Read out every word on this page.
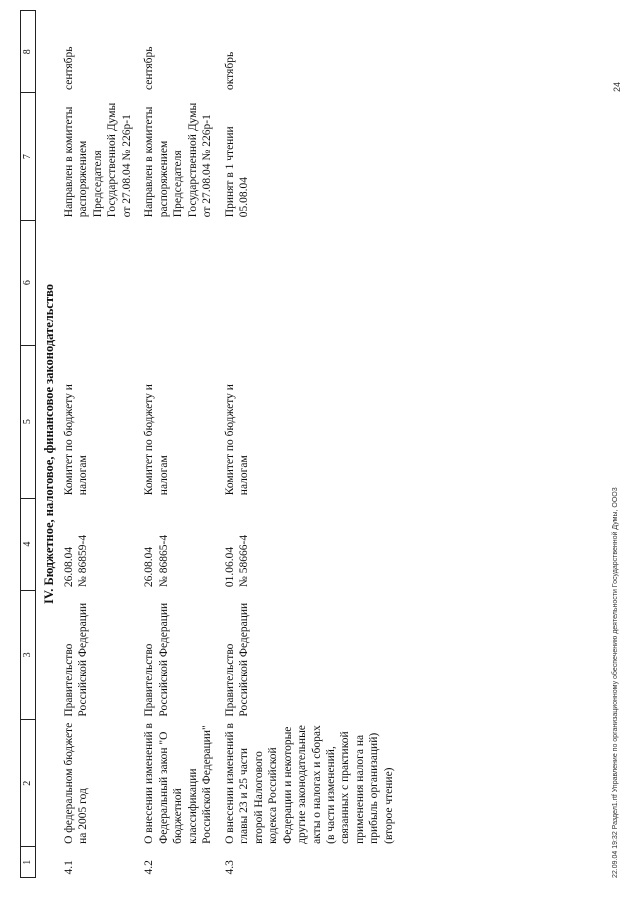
1	2	3	4	5	6	7	8
IV. Бюджетное, налоговое, финансовое законодательство							
4.1	О федеральном бюджете на 2005 год	Правительство Российской Федерации	26.08.04 № 86859-4	Комитет по бюджету и налогам		Направлен в комитеты распоряжением Председателя Государственной Думы от 27.08.04 № 226р-1	сентябрь
4.2	О внесении изменений в Федеральный закон "О бюджетной классификации Российской Федерации"	Правительство Российской Федерации	26.08.04 № 86865-4	Комитет по бюджету и налогам		Направлен в комитеты распоряжением Председателя Государственной Думы от 27.08.04 № 226р-1	сентябрь
4.3	О внесении изменений в главы 23 и 25 части второй Налогового кодекса Российской Федерации и некоторые другие законодательные акты о налогах и сборах (в части изменений, связанных с практикой применения налога на прибыль организаций) (второе чтение)	Правительство Российской Федерации	01.06.04 № 58666-4	Комитет по бюджету и налогам		Принят в 1 чтении 05.08.04	октябрь
22.09.04 19:32 Раздел1.rtf Управление по организационному обеспечению деятельности Государственной Думы, ООО3
24
